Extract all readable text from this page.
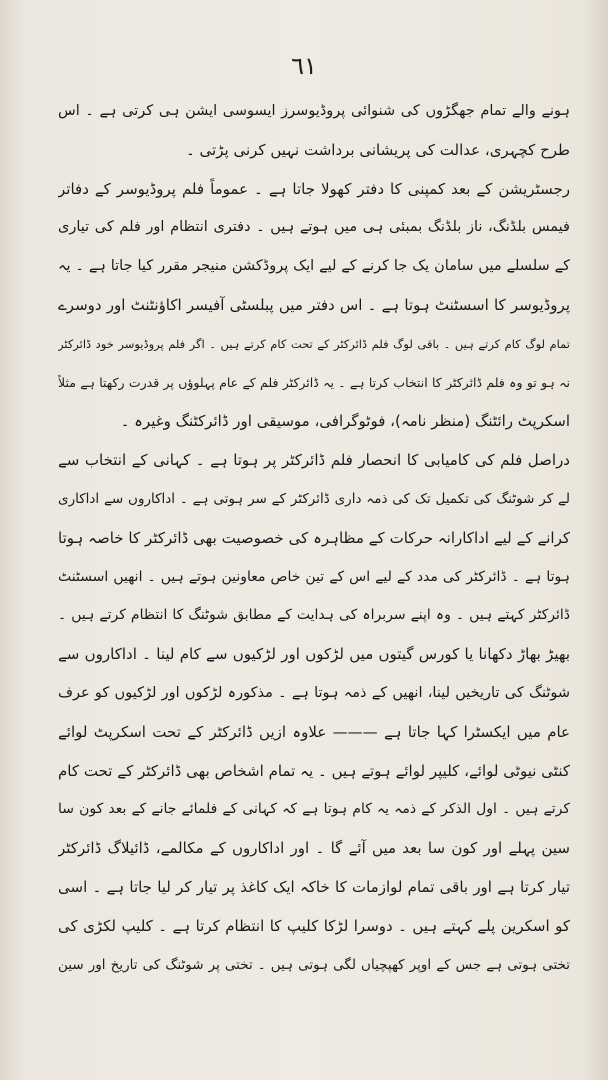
٦١
ہونے والے تمام جھگڑوں کی شنوائی پروڈیوسرز ایسوسی ایشن ہی کرتی ہے ۔ اس
طرح کچہری، عدالت کی پریشانی برداشت نہیں کرنی پڑتی ۔
رجسٹریشن کے بعد کمپنی کا دفتر کھولا جاتا ہے ۔ عموماً فلم پروڈیوسر کے دفاتر
فیمس بلڈنگ، ناز بلڈنگ بمبئی ہی میں ہوتے ہیں ۔ دفتری انتظام اور فلم کی تیاری
کے سلسلے میں سامان یک جا کرنے کے لیے ایک پروڈکشن منیجر مقرر کیا جاتا ہے ۔ یہ
پروڈیوسر کا اسسٹنٹ ہوتا ہے ۔ اس دفتر میں پبلسٹی آفیسر اکاؤنٹنٹ اور دوسرے
تمام لوگ کام کرتے ہیں ۔ باقی لوگ فلم ڈائرکٹر کے تحت کام کرتے ہیں ۔ اگر فلم پروڈیوسر خود ڈائرکٹر
نہ ہو تو وہ فلم ڈائرکٹر کا انتخاب کرتا ہے ۔ یہ ڈائرکٹر فلم کے عام پہلوؤں پر قدرت رکھتا ہے مثلاً
اسکرپٹ رائٹنگ (منظر نامہ)، فوٹوگرافی، موسیقی اور ڈائرکٹنگ وغیرہ ۔
دراصل فلم کی کامیابی کا انحصار فلم ڈائرکٹر پر ہوتا ہے ۔ کہانی کے انتخاب سے
لے کر شوٹنگ کی تکمیل تک کی ذمہ داری ڈائرکٹر کے سر ہوتی ہے ۔ اداکاروں سے اداکاری
کرانے کے لیے اداکارانہ حرکات کے مظاہرہ کی خصوصیت بھی ڈائرکٹر کا خاصہ ہوتا
ہوتا ہے ۔ ڈائرکٹر کی مدد کے لیے اس کے تین خاص معاونین ہوتے ہیں ۔ انھیں اسسٹنٹ
ڈائرکٹر کہتے ہیں ۔ وہ اپنے سربراہ کی ہدایت کے مطابق شوٹنگ کا انتظام کرتے ہیں ۔
بھیڑ بھاڑ دکھانا یا کورس گیتوں میں لڑکوں اور لڑکیوں سے کام لینا ۔ اداکاروں سے
شوٹنگ کی تاریخیں لینا، انھیں کے ذمہ ہوتا ہے ۔ مذکورہ لڑکوں اور لڑکیوں کو عرف
عام میں ایکسٹرا کہا جاتا ہے ——— علاوہ ازیں ڈائرکٹر کے تحت اسکرپٹ لوائے
کنٹی نیوٹی لوائے، کلیپر لوائے ہوتے ہیں ۔ یہ تمام اشخاص بھی ڈائرکٹر کے تحت کام
کرتے ہیں ۔ اول الذکر کے ذمہ یہ کام ہوتا ہے کہ کہانی کے فلمائے جانے کے بعد کون سا
سین پہلے اور کون سا بعد میں آئے گا ۔ اور اداکاروں کے مکالمے، ڈائیلاگ ڈائرکٹر
تیار کرتا ہے اور باقی تمام لوازمات کا خاکہ ایک کاغذ پر تیار کر لیا جاتا ہے ۔ اسی
کو اسکرین پلے کہتے ہیں ۔ دوسرا لڑکا کلیپ کا انتظام کرتا ہے ۔ کلیپ لکڑی کی
تختی ہوتی ہے جس کے اوپر کھپچیاں لگی ہوتی ہیں ۔ تختی پر شوٹنگ کی تاریخ اور سین
